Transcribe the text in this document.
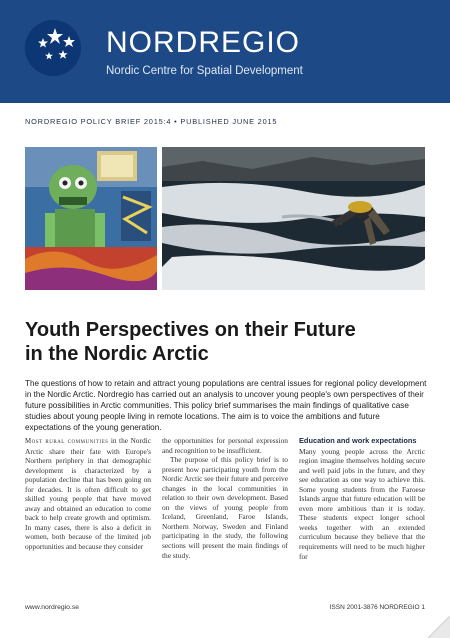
NORDREGIO
Nordic Centre for Spatial Development
NORDREGIO POLICY BRIEF 2015:4 • PUBLISHED JUNE 2015
Youth Perspectives on their Future
in the Nordic Arctic
The questions of how to retain and attract young populations are central issues for regional policy development in the Nordic Arctic. Nordregio has carried out an analysis to uncover young people's own perspectives of their future possibilities in Arctic communities. This policy brief summarises the main findings of qualitative case studies about young people living in remote locations. The aim is to voice the ambitions and future expectations of the young generation.

Most rural communities in the Nordic Arctic share their fate with Europe's Northern periphery in that demographic development is characterized by a population decline that has been going on for decades. It is often difficult to get skilled young people that have moved away and obtained an education to come back to help create growth and optimism. In many cases, there is also a deficit in women, both because of the limited job opportunities and because they consider

the opportunities for personal expression and recognition to be insufficient.

The purpose of this policy brief is to present how participating youth from the Nordic Arctic see their future and perceive changes in the local communities in relation to their own development. Based on the views of young people from Iceland, Greenland, Faroe Islands, Northern Norway, Sweden and Finland participating in the study, the following sections will present the main findings of the study.

Education and work expectations

Many young people across the Arctic region imagine themselves holding secure and well paid jobs in the future, and they see education as one way to achieve this. Some young students from the Faroese Islands argue that future education will be even more ambitious than it is today. These students expect longer school weeks together with an extended curriculum because they believe that the requirements will need to be much higher for

www.nordregio.se	ISSN 2001-3876 NORDREGIO 1
